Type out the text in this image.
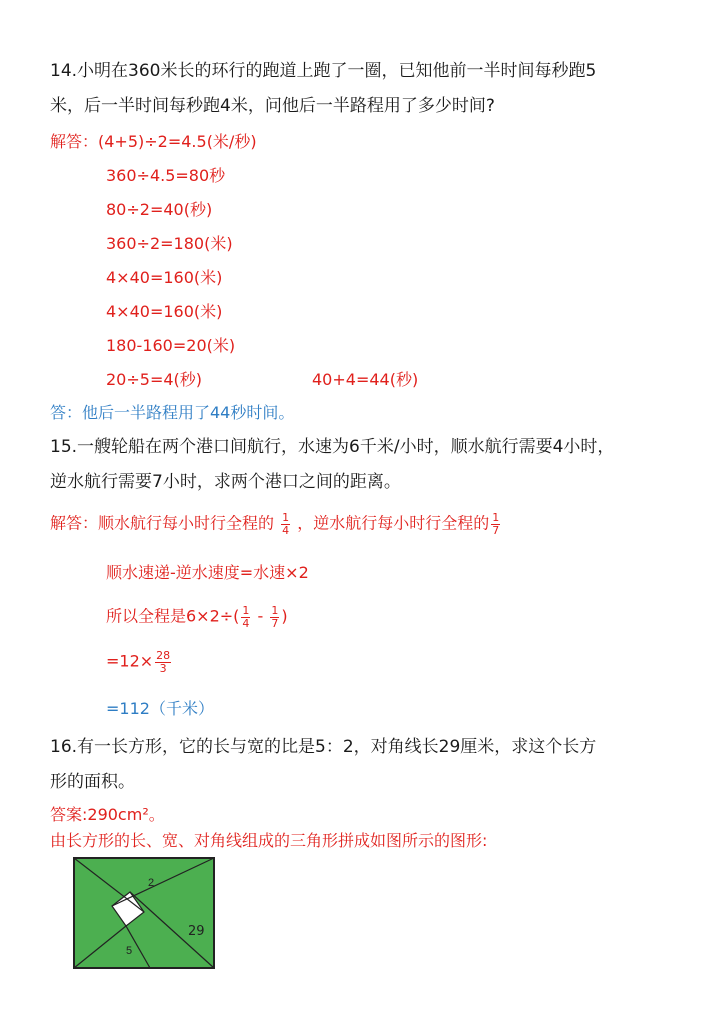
14.小明在360米长的环行的跑道上跑了一圈，已知他前一半时间每秒跑5
米，后一半时间每秒跑4米，问他后一半路程用了多少时间?
解答：(4+5)÷2=4.5(米/秒)
360÷4.5=80秒
80÷2=40(秒)
360÷2=180(米)
4×40=160(米)
4×40=160(米)
180-160=20(米)
20÷5=4(秒)	40+4=44(秒)
答：他后一半路程用了44秒时间。
15.一艘轮船在两个港口间航行，水速为6千米/小时，顺水航行需要4小时，
逆水航行需要7小时，求两个港口之间的距离。
解答：顺水航行每小时行全程的 $\frac{1}{4}$ ，逆水航行每小时行全程的 $\frac{1}{7}$
顺水速递-逆水速度=水速×2
所以全程是$6\times 2\div( \frac{1}{4} - \frac{1}{7}$ )
$=12\times \frac{28}{3}$
=112（千米）
16.有一长方形，它的长与宽的比是5：2，对角线长29厘米，求这个长方
形的面积。
答案:290cm²。
由长方形的长、宽、对角线组成的三角形拼成如图所示的图形:
2
5
29
